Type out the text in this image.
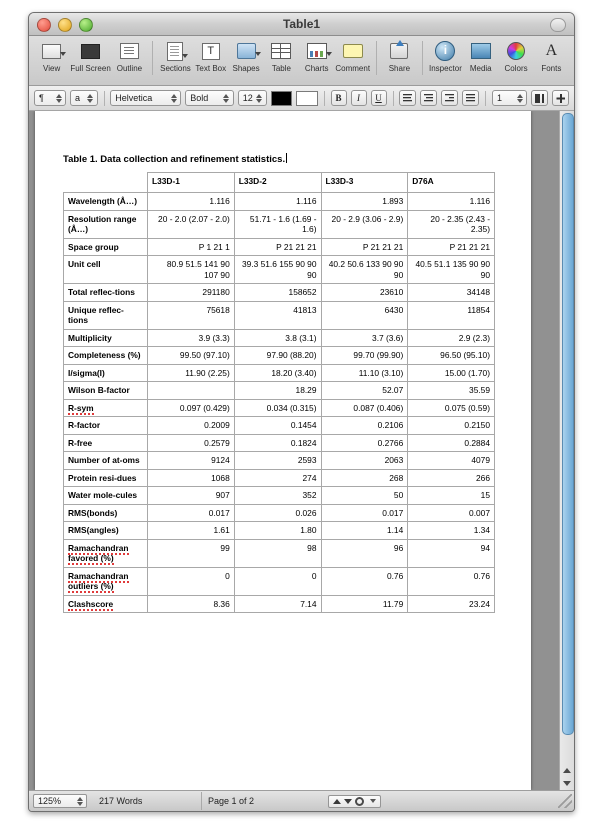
Table1
View	Full Screen Outline	Sections
T
Text Box Shapes	Table	Charts Comment	Share
i
Inspector Media	Colors
A
Fonts
¶	a	Helvetica	Bold	12	B	I	U	1
Table 1. Data collection and refinement statistics.
	L33D-1	L33D-2	L33D-3	D76A
Wavelength (Å…)	1.116	1.116	1.893	1.116
Resolution range (Å…)	20 - 2.0 (2.07 - 2.0)	51.71 - 1.6 (1.69 - 1.6)	20 - 2.9 (3.06 - 2.9)	20 - 2.35 (2.43 - 2.35)
Space group	P 1 21 1	P 21 21 21	P 21 21 21	P 21 21 21
Unit cell	80.9 51.5 141 90 107 90	39.3 51.6 155 90 90 90	40.2 50.6 133 90 90 90	40.5 51.1 135 90 90 90
Total reflec-tions	291180	158652	23610	34148
Unique reflec-tions	75618	41813	6430	11854
Multiplicity	3.9 (3.3)	3.8 (3.1)	3.7 (3.6)	2.9 (2.3)
Completeness (%)	99.50 (97.10)	97.90 (88.20)	99.70 (99.90)	96.50 (95.10)
I/sigma(I)	11.90 (2.25)	18.20 (3.40)	11.10 (3.10)	15.00 (1.70)
Wilson B-factor		18.29	52.07	35.59
R-sym	0.097 (0.429)	0.034 (0.315)	0.087 (0.406)	0.075 (0.59)
R-factor	0.2009	0.1454	0.2106	0.2150
R-free	0.2579	0.1824	0.2766	0.2884
Number of at-oms	9124	2593	2063	4079
Protein resi-dues	1068	274	268	266
Water mole-cules	907	352	50	15
RMS(bonds)	0.017	0.026	0.017	0.007
RMS(angles)	1.61	1.80	1.14	1.34
Ramachandran favored (%)	99	98	96	94
Ramachandran outliers (%)	0	0	0.76	0.76
Clashscore	8.36	7.14	11.79	23.24
125%	217 Words	Page 1 of 2
